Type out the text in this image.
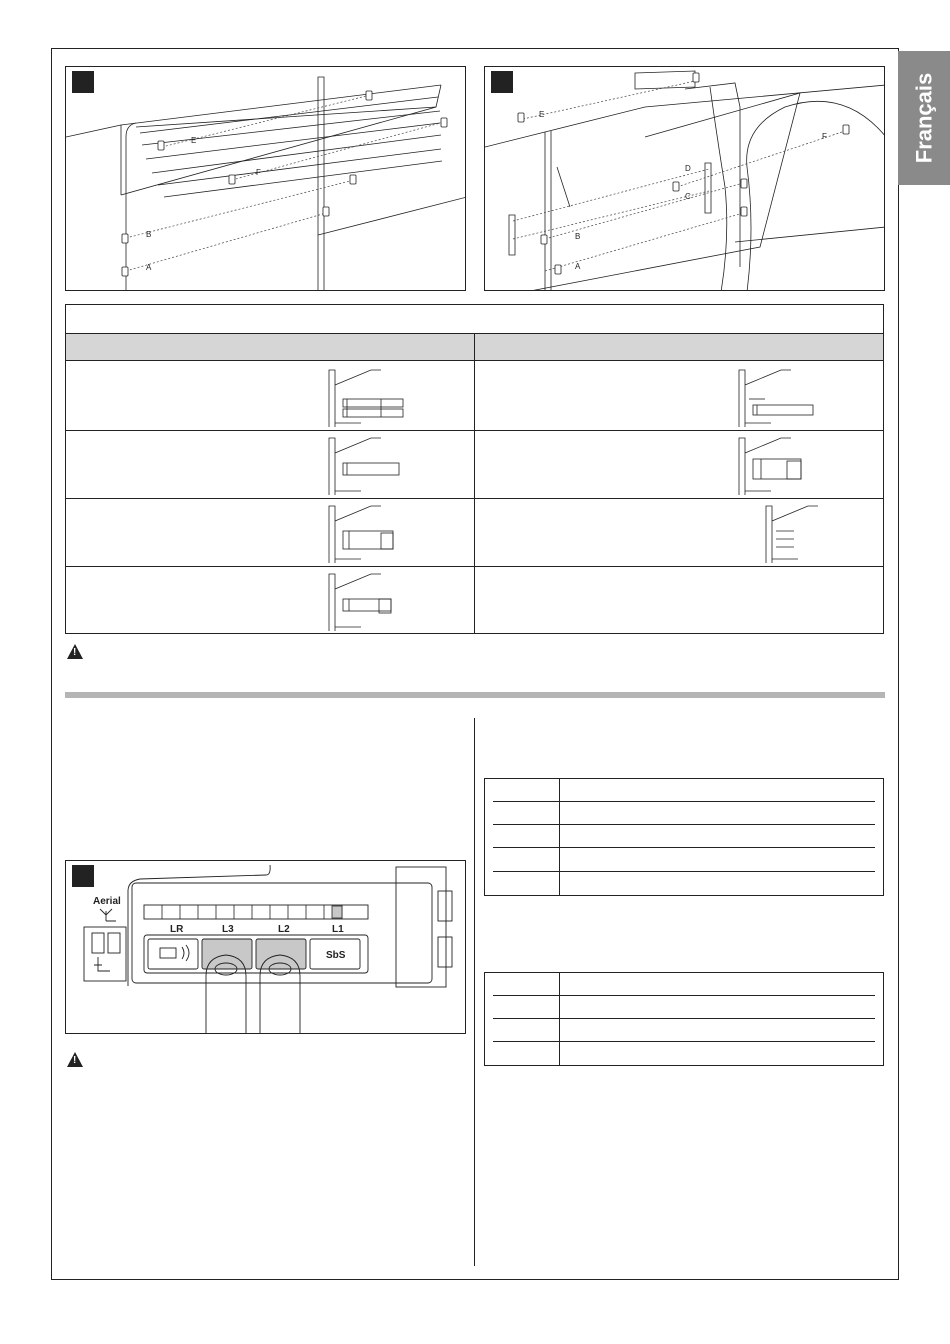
Français
E
F
B
A
E
F
D
C
B
A
!
Aerial
LR	L3	L2	L1
SbS
!
